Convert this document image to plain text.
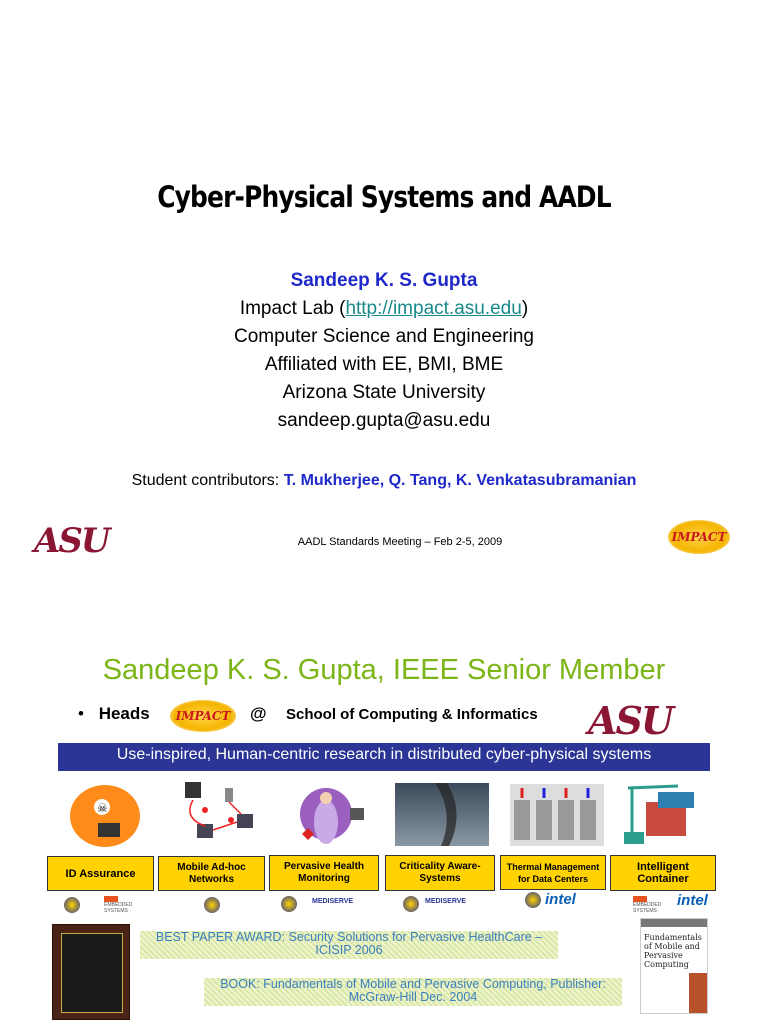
Cyber-Physical Systems and AADL
Sandeep K. S. Gupta
Impact Lab (http://impact.asu.edu)
Computer Science and Engineering
Affiliated with EE, BMI, BME
Arizona State University
sandeep.gupta@asu.edu
Student contributors: T. Mukherjee, Q. Tang, K. Venkatasubramanian
ASU	AADL Standards Meeting – Feb 2-5, 2009	IMPACT
Sandeep K. S. Gupta, IEEE Senior Member
• Heads	IMPACT	@ School of Computing & Informatics ASU
Use-inspired, Human-centric research in distributed cyber-physical systems
☠
ID Assurance
Mobile Ad-hoc Networks
Pervasive Health Monitoring
Criticality Aware- Systems
Thermal Management for Data Centers
Intelligent Container
EMBEDDED SYSTEMS
MEDISERVE	MEDISERVE	intel	EMBEDDED SYSTEMS
intel
BEST PAPER AWARD: Security Solutions for Pervasive HealthCare – ICISIP 2006
BOOK: Fundamentals of Mobile and Pervasive Computing, Publisher: McGraw-Hill Dec. 2004
Fundamentals of Mobile and Pervasive Computing
